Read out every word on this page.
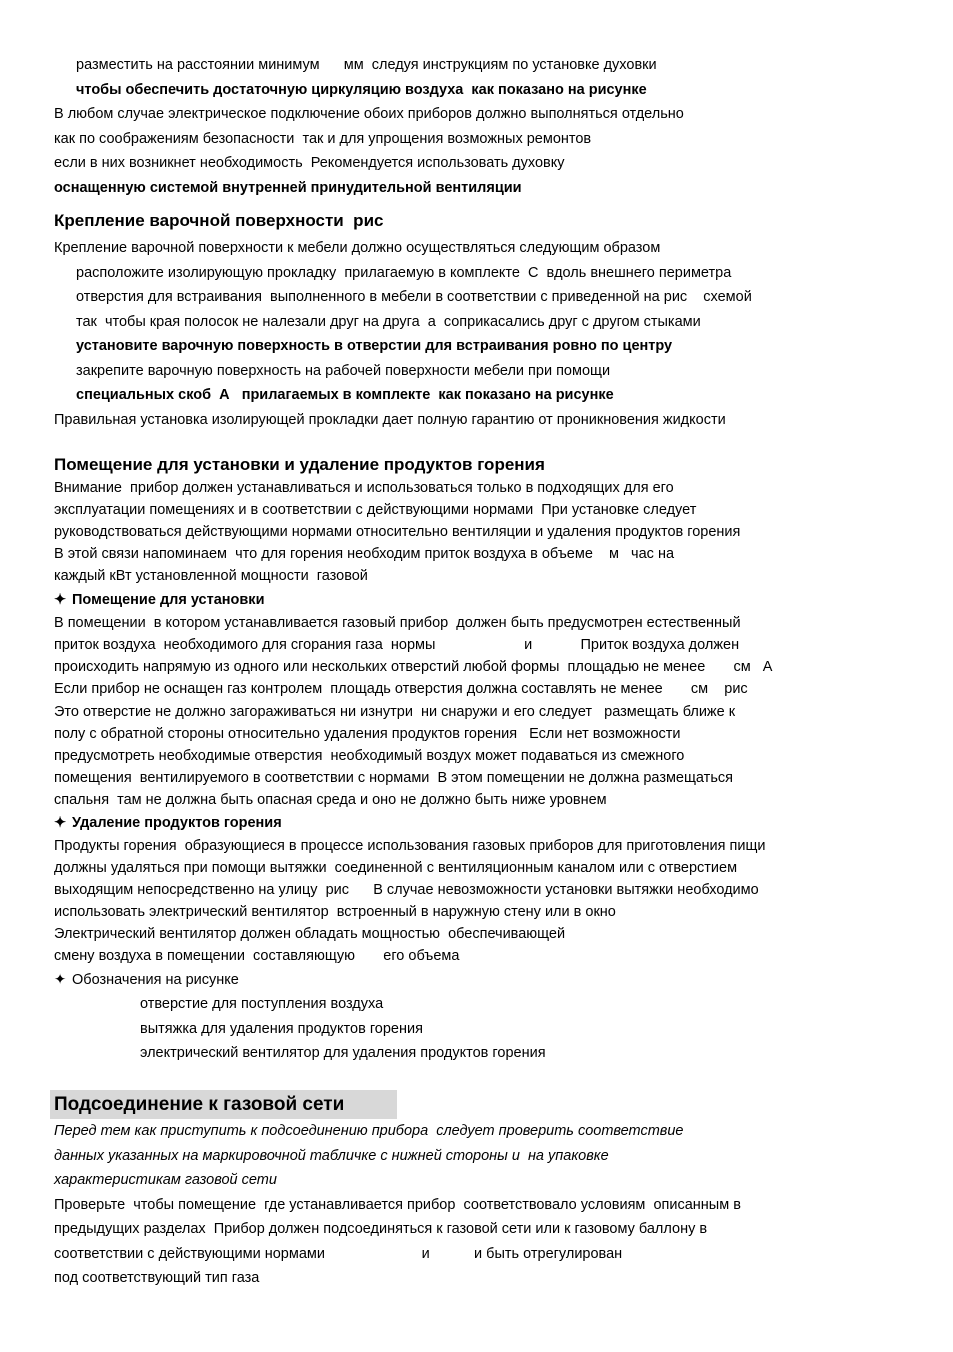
разместить на расстоянии минимум      мм  следуя инструкциям по установке духовки
чтобы обеспечить достаточную циркуляцию воздуха  как показано на рисунке
В любом случае электрическое подключение обоих приборов должно выполняться отдельно
как по соображениям безопасности  так и для упрощения возможных ремонтов
если в них возникнет необходимость  Рекомендуется использовать духовку
оснащенную системой внутренней принудительной вентиляции
Крепление варочной поверхности  рис
Крепление варочной поверхности к мебели должно осуществляться следующим образом
расположите изолирующую прокладку  прилагаемую в комплекте  С  вдоль внешнего периметра
отверстия для встраивания  выполненного в мебели в соответствии с приведенной на рис    схемой
так  чтобы края полосок не налезали друг на друга  а  соприкасались друг с другом стыками
установите варочную поверхность в отверстии для встраивания ровно по центру
закрепите варочную поверхность на рабочей поверхности мебели при помощи
специальных скоб  А   прилагаемых в комплекте  как показано на рисунке
Правильная установка изолирующей прокладки дает полную гарантию от проникновения жидкости
Помещение для установки и удаление продуктов горения
Внимание  прибор должен устанавливаться и использоваться только в подходящих для его
эксплуатации помещениях и в соответствии с действующими нормами  При установке следует
руководствоваться действующими нормами относительно вентиляции и удаления продуктов горения
В этой связи напоминаем  что для горения необходим приток воздуха в объеме    м   час на
каждый кВт установленной мощности  газовой
✦ Помещение для установки
В помещении  в котором устанавливается газовый прибор  должен быть предусмотрен естественный
приток воздуха  необходимого для сгорания газа  нормы                      и            Приток воздуха должен
происходить напрямую из одного или нескольких отверстий любой формы  площадью не менее       см   А
Если прибор не оснащен газ контролем  площадь отверстия должна составлять не менее       см    рис
Это отверстие не должно загораживаться ни изнутри  ни снаружи и его следует   размещать ближе к
полу с обратной стороны относительно удаления продуктов горения   Если нет возможности
предусмотреть необходимые отверстия  необходимый воздух может подаваться из смежного
помещения  вентилируемого в соответствии с нормами  В этом помещении не должна размещаться
спальня  там не должна быть опасная среда и оно не должно быть ниже уровнем
✦ Удаление продуктов горения
Продукты горения  образующиеся в процессе использования газовых приборов для приготовления пищи
должны удаляться при помощи вытяжки  соединенной с вентиляционным каналом или с отверстием
выходящим непосредственно на улицу  рис      В случае невозможности установки вытяжки необходимо
использовать электрический вентилятор  встроенный в наружную стену или в окно
Электрический вентилятор должен обладать мощностью  обеспечивающей
смену воздуха в помещении  составляющую       его объема
✦ Обозначения на рисунке
отверстие для поступления воздуха
вытяжка для удаления продуктов горения
электрический вентилятор для удаления продуктов горения
Подсоединение к газовой сети
Перед тем как приступить к подсоединению прибора  следует проверить соответствие
данных указанных на маркировочной табличке с нижней стороны и  на упаковке
характеристикам газовой сети
Проверьте  чтобы помещение  где устанавливается прибор  соответствовало условиям  описанным в
предыдущих разделах  Прибор должен подсоединяться к газовой сети или к газовому баллону в
соответствии с действующими нормами                        и           и быть отрегулирован
под соответствующий тип газа
